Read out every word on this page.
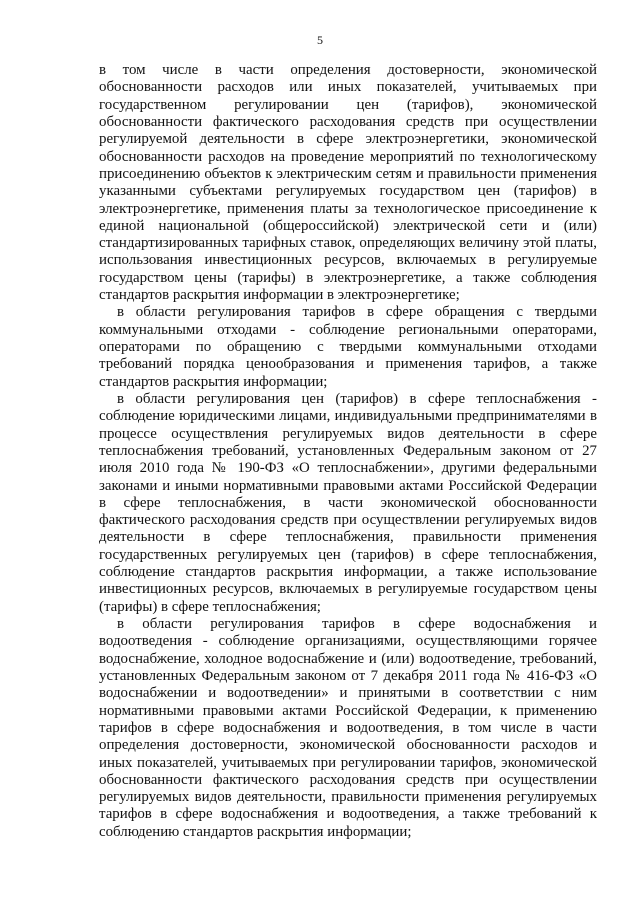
5
в том числе в части определения достоверности, экономической
обоснованности расходов или иных показателей, учитываемых при
государственном регулировании цен (тарифов), экономической
обоснованности фактического расходования средств при осуществлении
регулируемой деятельности в сфере электроэнергетики, экономической
обоснованности расходов на проведение мероприятий по технологическому
присоединению объектов к электрическим сетям и правильности применения
указанными субъектами регулируемых государством цен (тарифов) в
электроэнергетике, применения платы за технологическое присоединение к
единой национальной (общероссийской) электрической сети и (или)
стандартизированных тарифных ставок, определяющих величину этой платы,
использования инвестиционных ресурсов, включаемых в регулируемые
государством цены (тарифы) в электроэнергетике, а также соблюдения
стандартов раскрытия информации в электроэнергетике;
в области регулирования тарифов в сфере обращения с твердыми
коммунальными отходами - соблюдение региональными операторами,
операторами по обращению с твердыми коммунальными отходами
требований порядка ценообразования и применения тарифов, а также
стандартов раскрытия информации;
в области регулирования цен (тарифов) в сфере теплоснабжения -
соблюдение юридическими лицами, индивидуальными предпринимателями в
процессе осуществления регулируемых видов деятельности в сфере
теплоснабжения требований, установленных Федеральным законом от 27
июля 2010 года № 190-ФЗ «О теплоснабжении», другими федеральными
законами и иными нормативными правовыми актами Российской Федерации
в сфере теплоснабжения, в части экономической обоснованности
фактического расходования средств при осуществлении регулируемых видов
деятельности в сфере теплоснабжения, правильности применения
государственных регулируемых цен (тарифов) в сфере теплоснабжения,
соблюдение стандартов раскрытия информации, а также использование
инвестиционных ресурсов, включаемых в регулируемые государством цены
(тарифы) в сфере теплоснабжения;
в области регулирования тарифов в сфере водоснабжения и
водоотведения - соблюдение организациями, осуществляющими горячее
водоснабжение, холодное водоснабжение и (или) водоотведение, требований,
установленных Федеральным законом от 7 декабря 2011 года № 416-ФЗ «О
водоснабжении и водоотведении» и принятыми в соответствии с ним
нормативными правовыми актами Российской Федерации, к применению
тарифов в сфере водоснабжения и водоотведения, в том числе в части
определения достоверности, экономической обоснованности расходов и
иных показателей, учитываемых при регулировании тарифов, экономической
обоснованности фактического расходования средств при осуществлении
регулируемых видов деятельности, правильности применения регулируемых
тарифов в сфере водоснабжения и водоотведения, а также требований к
соблюдению стандартов раскрытия информации;
